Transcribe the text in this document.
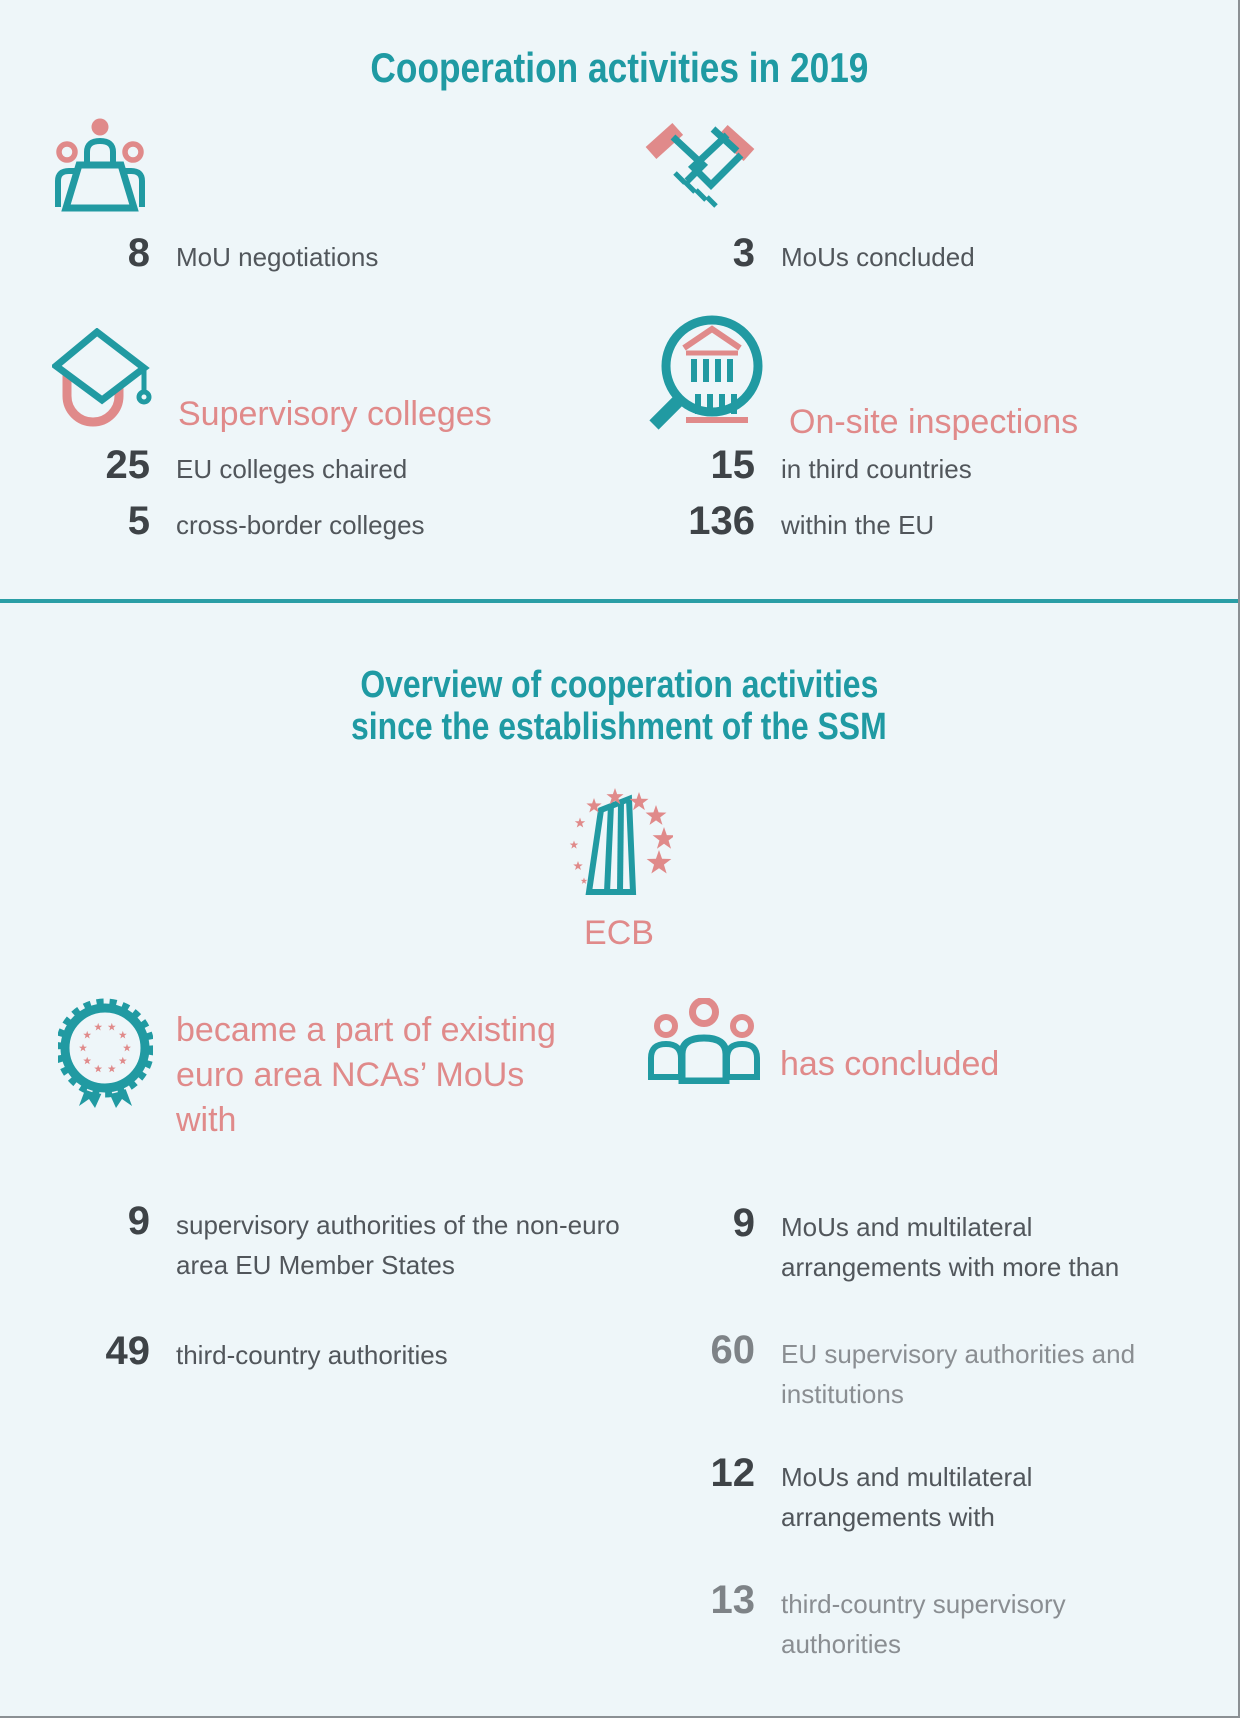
Cooperation activities in 2019
8 MoU negotiations	3 MoUs concluded
Supervisory colleges	On-site inspections
25 EU colleges chaired	15 in third countries
5 cross-border colleges	136 within the EU
Overview of cooperation activities
since the establishment of the SSM
ECB
became a part of existing
euro area NCAs’ MoUs
with
has concluded
9 supervisory authorities of the non-euro area EU Member States
49 third-country authorities
9 MoUs and multilateral arrangements with more than
60 EU supervisory authorities and institutions
12 MoUs and multilateral arrangements with
13 third-country supervisory authorities
